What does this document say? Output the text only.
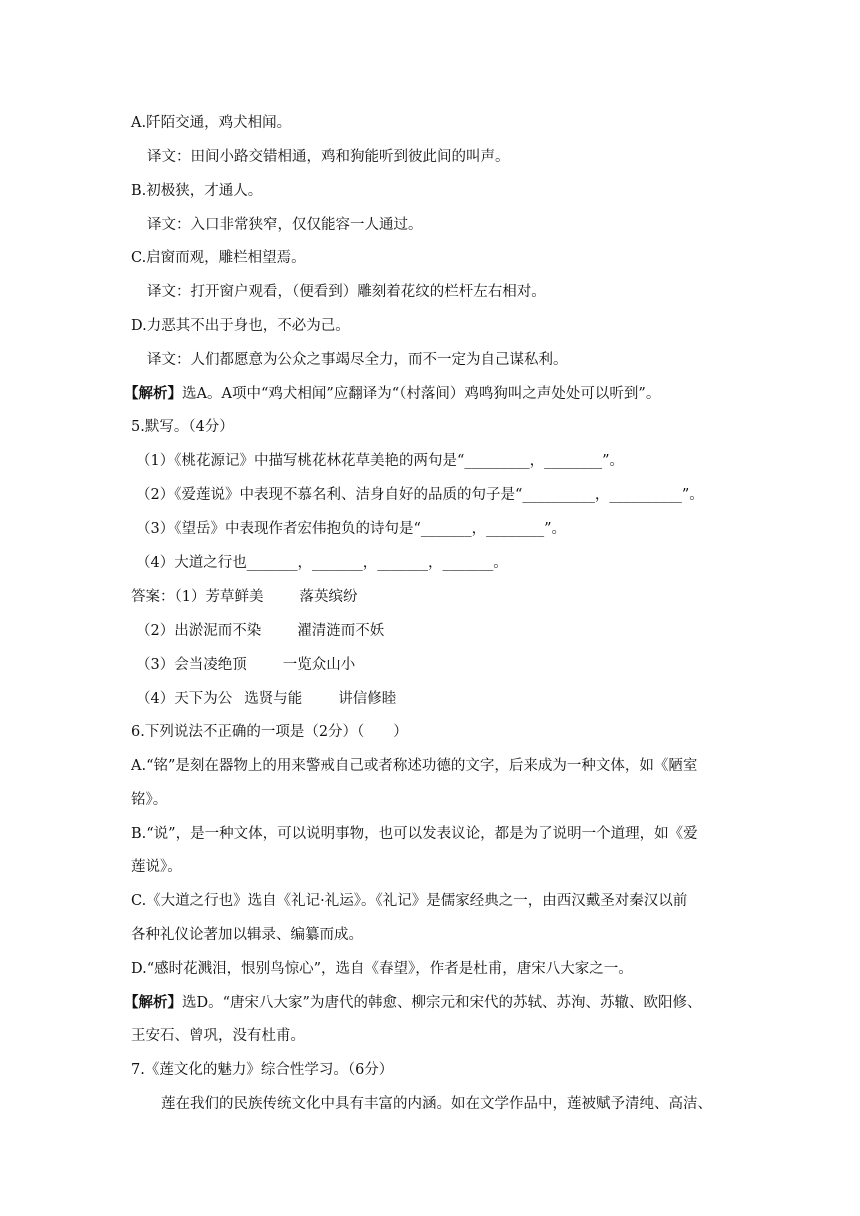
A.阡陌交通，鸡犬相闻。
译文：田间小路交错相通，鸡和狗能听到彼此间的叫声。
B.初极狭，才通人。
译文：入口非常狭窄，仅仅能容一人通过。
C.启窗而观，雕栏相望焉。
译文：打开窗户观看，（便看到）雕刻着花纹的栏杆左右相对。
D.力恶其不出于身也，不必为己。
译文：人们都愿意为公众之事竭尽全力，而不一定为自己谋私利。
【解析】选A。A项中“鸡犬相闻”应翻译为“（村落间）鸡鸣狗叫之声处处可以听到”。
5.默写。（4分）
（1）《桃花源记》中描写桃花林花草美艳的两句是“_________，________”。
（2）《爱莲说》中表现不慕名利、洁身自好的品质的句子是“__________，__________”。
（3）《望岳》中表现作者宏伟抱负的诗句是“_______，________”。
（4）大道之行也_______，_______，_______，_______。
答案：（1）芳草鲜美 落英缤纷
（2）出淤泥而不染 濯清涟而不妖
（3）会当凌绝顶 一览众山小
（4）天下为公 选贤与能 讲信修睦
6.下列说法不正确的一项是（2分）（　　）
A.“铭”是刻在器物上的用来警戒自己或者称述功德的文字，后来成为一种文体，如《陋室
铭》。
B.“说”，是一种文体，可以说明事物，也可以发表议论，都是为了说明一个道理，如《爱
莲说》。
C.《大道之行也》选自《礼记·礼运》。《礼记》是儒家经典之一，由西汉戴圣对秦汉以前
各种礼仪论著加以辑录、编纂而成。
D.“感时花溅泪，恨别鸟惊心”，选自《春望》，作者是杜甫，唐宋八大家之一。
【解析】选D。“唐宋八大家”为唐代的韩愈、柳宗元和宋代的苏轼、苏洵、苏辙、欧阳修、
王安石、曾巩，没有杜甫。
7.《莲文化的魅力》综合性学习。（6分）
莲在我们的民族传统文化中具有丰富的内涵。如在文学作品中，莲被赋予清纯、高洁、
